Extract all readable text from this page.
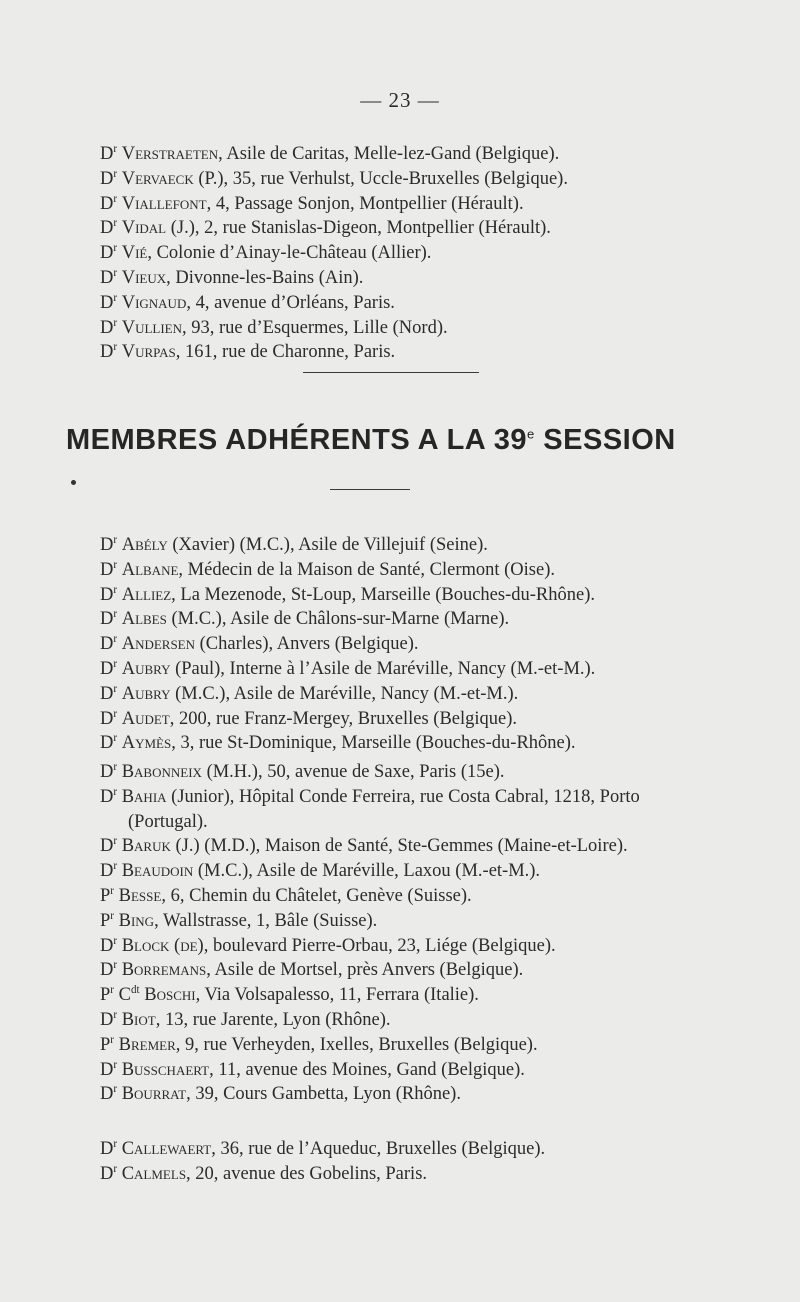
— 23 —
$D^r$ Verstraeten, Asile de Caritas, Melle-lez-Gand (Belgique).
$D^r$ Vervaeck (P.), 35, rue Verhulst, Uccle-Bruxelles (Belgique).
$D^r$ Viallefont, 4, Passage Sonjon, Montpellier (Hérault).
$D^r$ Vidal (J.), 2, rue Stanislas-Digeon, Montpellier (Hérault).
$D^r$ Vié, Colonie d’Ainay-le-Château (Allier).
$D^r$ Vieux, Divonne-les-Bains (Ain).
$D^r$ Vignaud, 4, avenue d’Orléans, Paris.
$D^r$ Vullien, 93, rue d’Esquermes, Lille (Nord).
$D^r$ Vurpas, 161, rue de Charonne, Paris.
MEMBRES ADHÉRENTS A LA 39e SESSION
$D^r$ Abély (Xavier) (M.C.), Asile de Villejuif (Seine).
$D^r$ Albane, Médecin de la Maison de Santé, Clermont (Oise).
$D^r$ Alliez, La Mezenode, St-Loup, Marseille (Bouches-du-Rhône).
$D^r$ Albes (M.C.), Asile de Châlons-sur-Marne (Marne).
$D^r$ Andersen (Charles), Anvers (Belgique).
$D^r$ Aubry (Paul), Interne à l’Asile de Maréville, Nancy (M.-et-M.).
$D^r$ Aubry (M.C.), Asile de Maréville, Nancy (M.-et-M.).
$D^r$ Audet, 200, rue Franz-Mergey, Bruxelles (Belgique).
$D^r$ Aymès, 3, rue St-Dominique, Marseille (Bouches-du-Rhône).
$D^r$ Babonneix (M.H.), 50, avenue de Saxe, Paris (15e).
$D^r$ Bahia (Junior), Hôpital Conde Ferreira, rue Costa Cabral, 1218, Porto (Portugal).
$D^r$ Baruk (J.) (M.D.), Maison de Santé, Ste-Gemmes (Maine-et-Loire).
$D^r$ Beaudoin (M.C.), Asile de Maréville, Laxou (M.-et-M.).
$P^r$ Besse, 6, Chemin du Châtelet, Genève (Suisse).
$P^r$ Bing, Wallstrasse, 1, Bâle (Suisse).
$D^r$ Block (de), boulevard Pierre-Orbau, 23, Liége (Belgique).
$D^r$ Borremans, Asile de Mortsel, près Anvers (Belgique).
$P^r$ $C^{dt}$ Boschi, Via Volsapalesso, 11, Ferrara (Italie).
$D^r$ Biot, 13, rue Jarente, Lyon (Rhône).
$P^r$ Bremer, 9, rue Verheyden, Ixelles, Bruxelles (Belgique).
$D^r$ Busschaert, 11, avenue des Moines, Gand (Belgique).
$D^r$ Bourrat, 39, Cours Gambetta, Lyon (Rhône).
$D^r$ Callewaert, 36, rue de l’Aqueduc, Bruxelles (Belgique).
$D^r$ Calmels, 20, avenue des Gobelins, Paris.
